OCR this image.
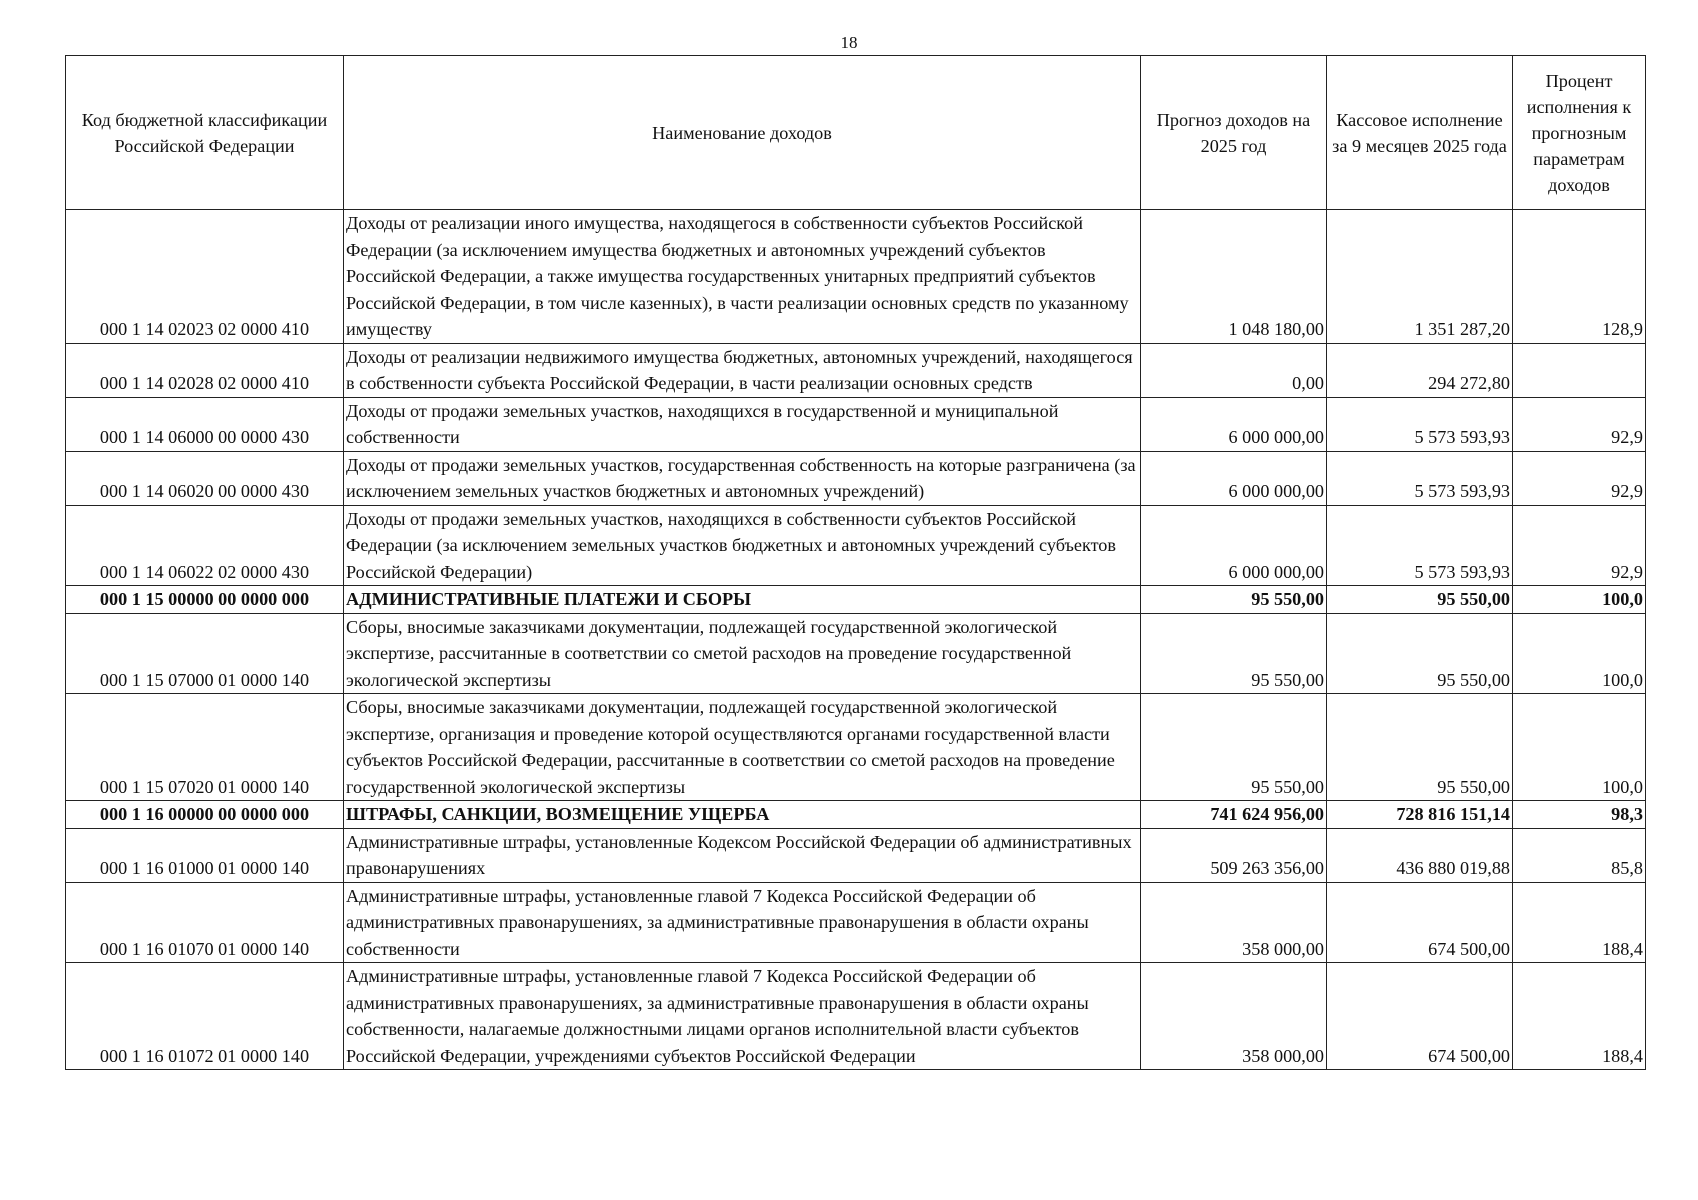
18
Код бюджетной классификации Российской Федерации	Наименование доходов	Прогноз доходов на 2025 год	Кассовое исполнение за 9 месяцев 2025 года	Процент исполнения к прогнозным параметрам доходов
000 1 14 02023 02 0000 410	Доходы от реализации иного имущества, находящегося в собственности субъектов Российской Федерации (за исключением имущества бюджетных и автономных учреждений субъектов Российской Федерации, а также имущества государственных унитарных предприятий субъектов Российской Федерации, в том числе казенных), в части реализации основных средств по указанному имуществу	1 048 180,00	1 351 287,20	128,9
000 1 14 02028 02 0000 410	Доходы от реализации недвижимого имущества бюджетных, автономных учреждений, находящегося в собственности субъекта Российской Федерации, в части реализации основных средств	0,00	294 272,80	
000 1 14 06000 00 0000 430	Доходы от продажи земельных участков, находящихся в государственной и муниципальной собственности	6 000 000,00	5 573 593,93	92,9
000 1 14 06020 00 0000 430	Доходы от продажи земельных участков, государственная собственность на которые разграничена (за исключением земельных участков бюджетных и автономных учреждений)	6 000 000,00	5 573 593,93	92,9
000 1 14 06022 02 0000 430	Доходы от продажи земельных участков, находящихся в собственности субъектов Российской Федерации (за исключением земельных участков бюджетных и автономных учреждений субъектов Российской Федерации)	6 000 000,00	5 573 593,93	92,9
000 1 15 00000 00 0000 000	АДМИНИСТРАТИВНЫЕ ПЛАТЕЖИ И СБОРЫ	95 550,00	95 550,00	100,0
000 1 15 07000 01 0000 140	Сборы, вносимые заказчиками документации, подлежащей государственной экологической экспертизе, рассчитанные в соответствии со сметой расходов на проведение государственной экологической экспертизы	95 550,00	95 550,00	100,0
000 1 15 07020 01 0000 140	Сборы, вносимые заказчиками документации, подлежащей государственной экологической экспертизе, организация и проведение которой осуществляются органами государственной власти субъектов Российской Федерации, рассчитанные в соответствии со сметой расходов на проведение государственной экологической экспертизы	95 550,00	95 550,00	100,0
000 1 16 00000 00 0000 000	ШТРАФЫ, САНКЦИИ, ВОЗМЕЩЕНИЕ УЩЕРБА	741 624 956,00	728 816 151,14	98,3
000 1 16 01000 01 0000 140	Административные штрафы, установленные Кодексом Российской Федерации об административных правонарушениях	509 263 356,00	436 880 019,88	85,8
000 1 16 01070 01 0000 140	Административные штрафы, установленные главой 7 Кодекса Российской Федерации об административных правонарушениях, за административные правонарушения в области охраны собственности	358 000,00	674 500,00	188,4
000 1 16 01072 01 0000 140	Административные штрафы, установленные главой 7 Кодекса Российской Федерации об административных правонарушениях, за административные правонарушения в области охраны собственности, налагаемые должностными лицами органов исполнительной власти субъектов Российской Федерации, учреждениями субъектов Российской Федерации	358 000,00	674 500,00	188,4
